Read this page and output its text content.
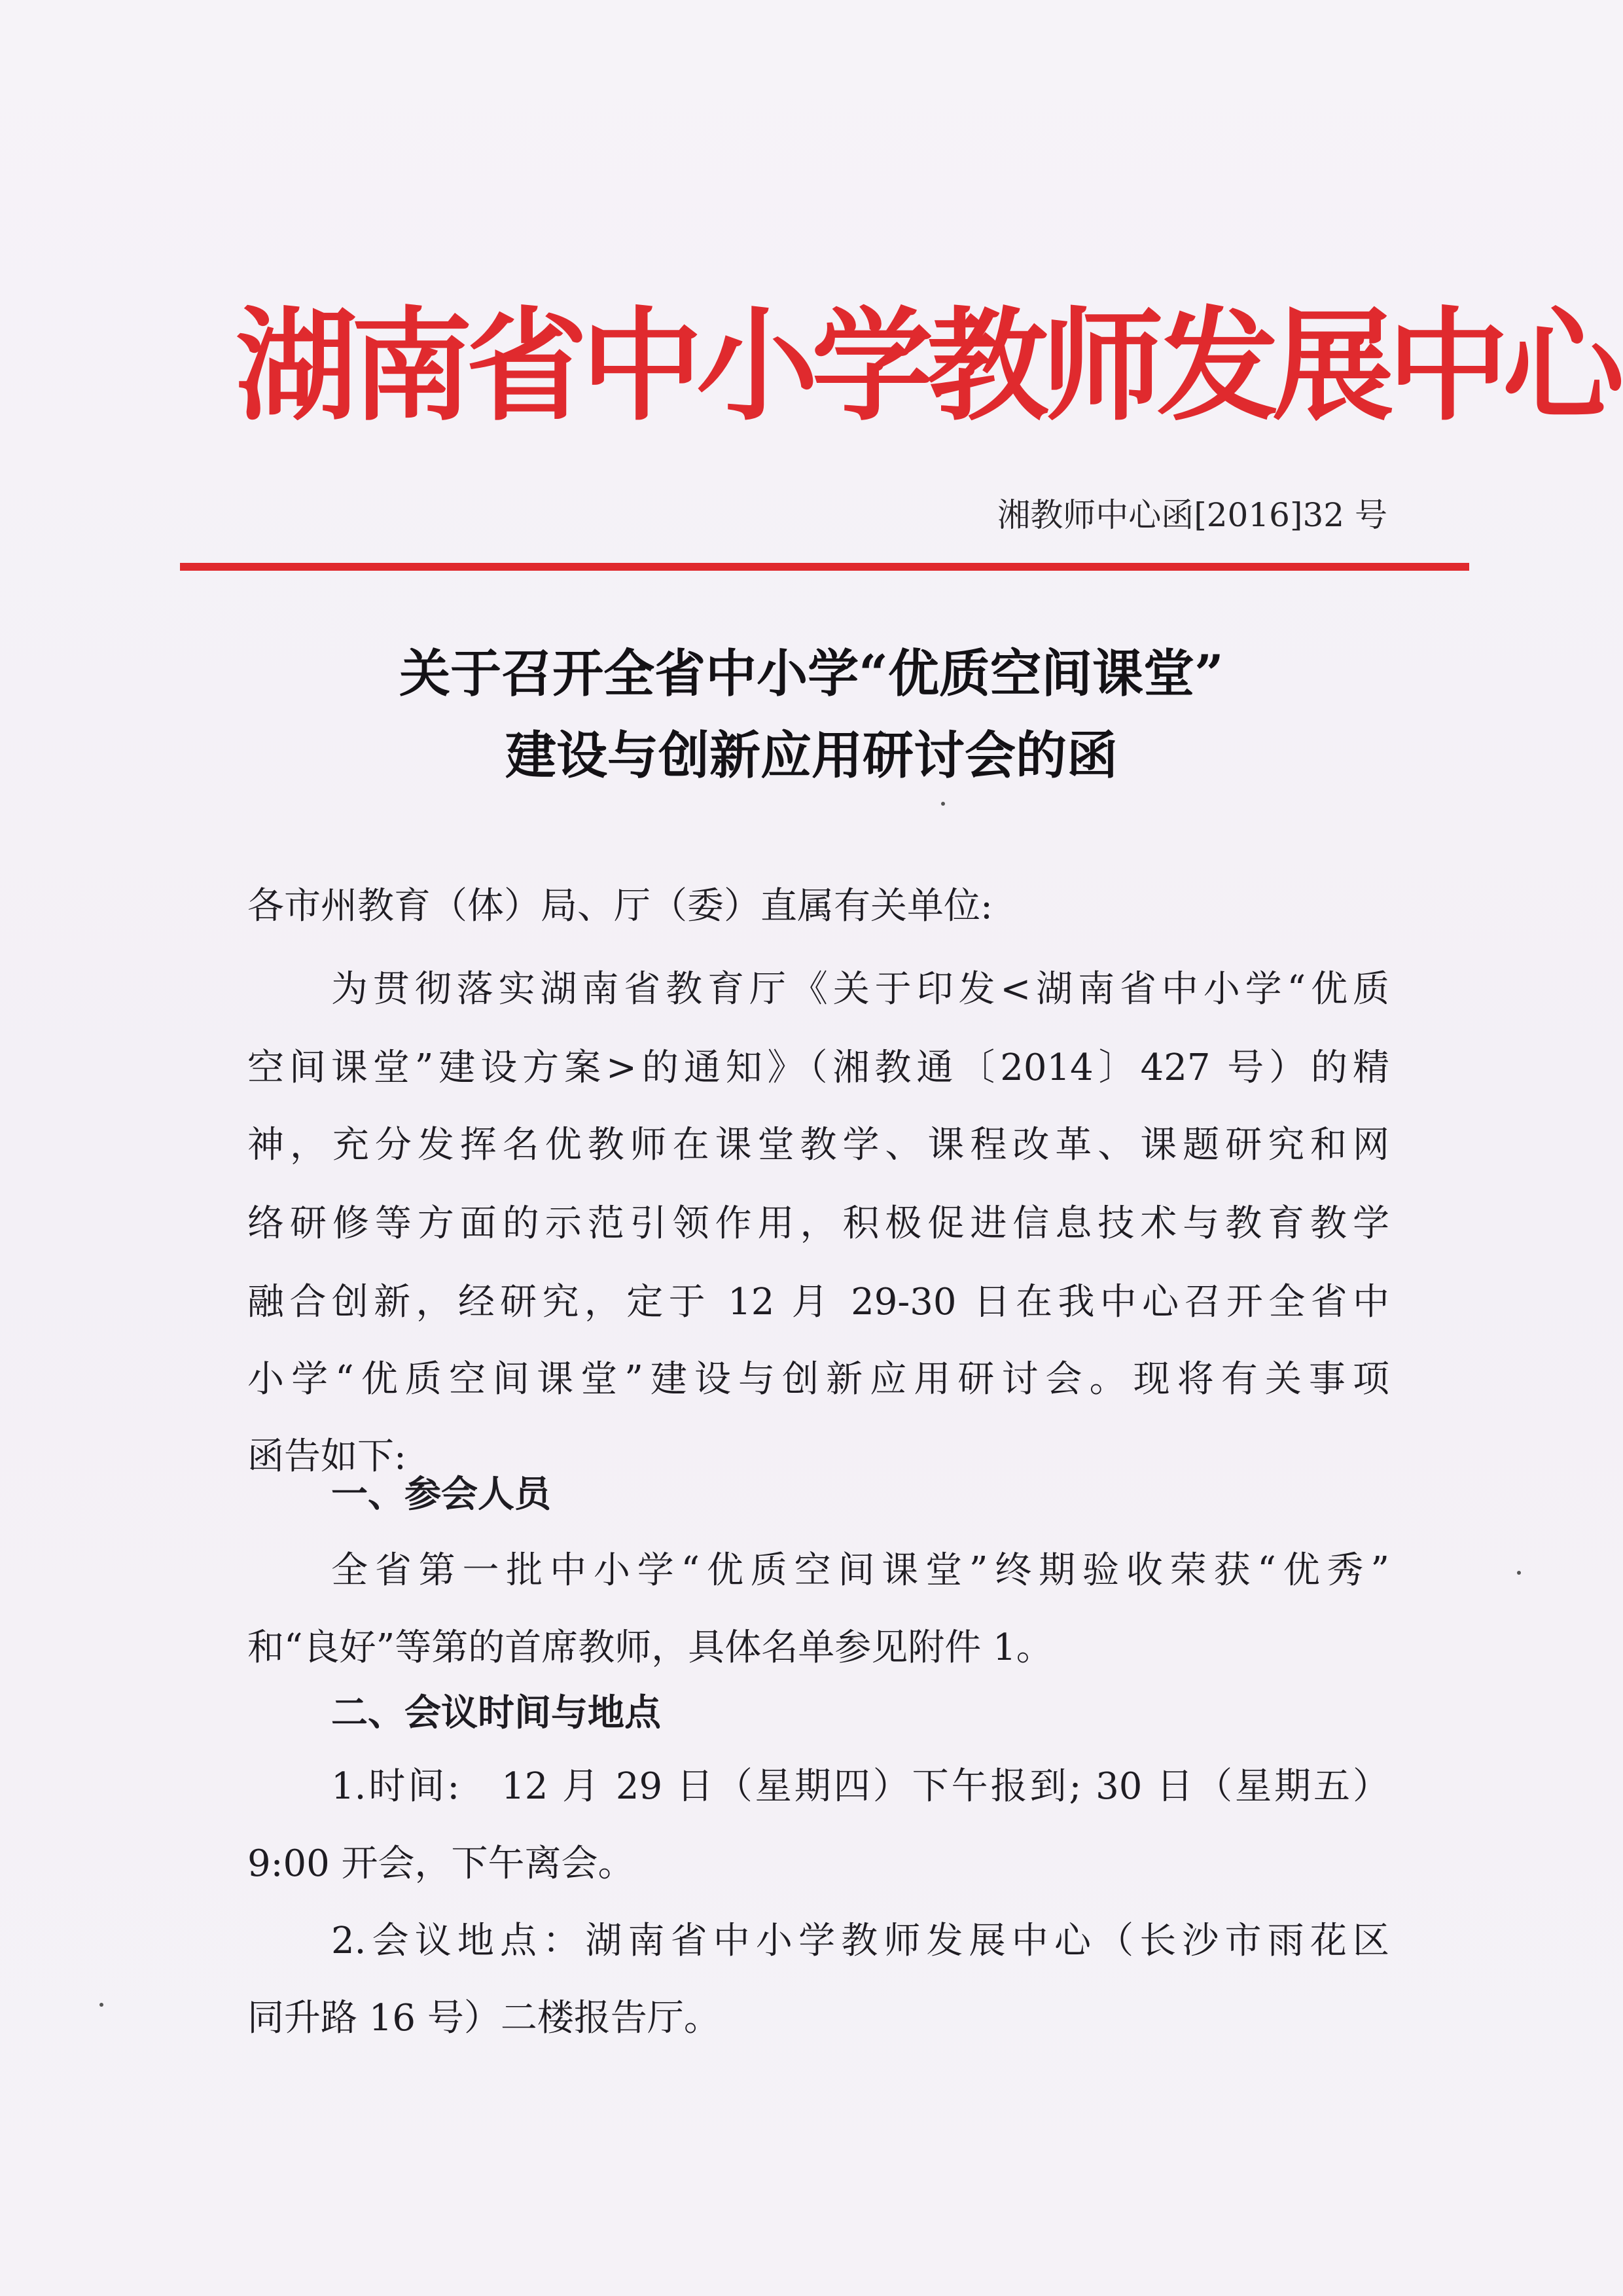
湖南省中小学教师发展中心
湘教师中心函[2016]32 号
关于召开全省中小学“优质空间课堂”
建设与创新应用研讨会的函
各市州教育（体）局、厅（委）直属有关单位:
为贯彻落实湖南省教育厅《关于印发<湖南省中小学“优质
空间课堂”建设方案>的通知》（湘教通〔2014〕427 号）的精
神，充分发挥名优教师在课堂教学、课程改革、课题研究和网
络研修等方面的示范引领作用，积极促进信息技术与教育教学
融合创新，经研究，定于 12 月 29-30 日在我中心召开全省中
小学“优质空间课堂”建设与创新应用研讨会。现将有关事项
函告如下:
一、参会人员
全省第一批中小学“优质空间课堂”终期验收荣获“优秀”
和“良好”等第的首席教师，具体名单参见附件 1。
二、会议时间与地点
1.时间:　12 月 29 日（星期四）下午报到; 30 日（星期五）
9:00 开会，下午离会。
2.会议地点：湖南省中小学教师发展中心（长沙市雨花区
同升路 16 号）二楼报告厅。
